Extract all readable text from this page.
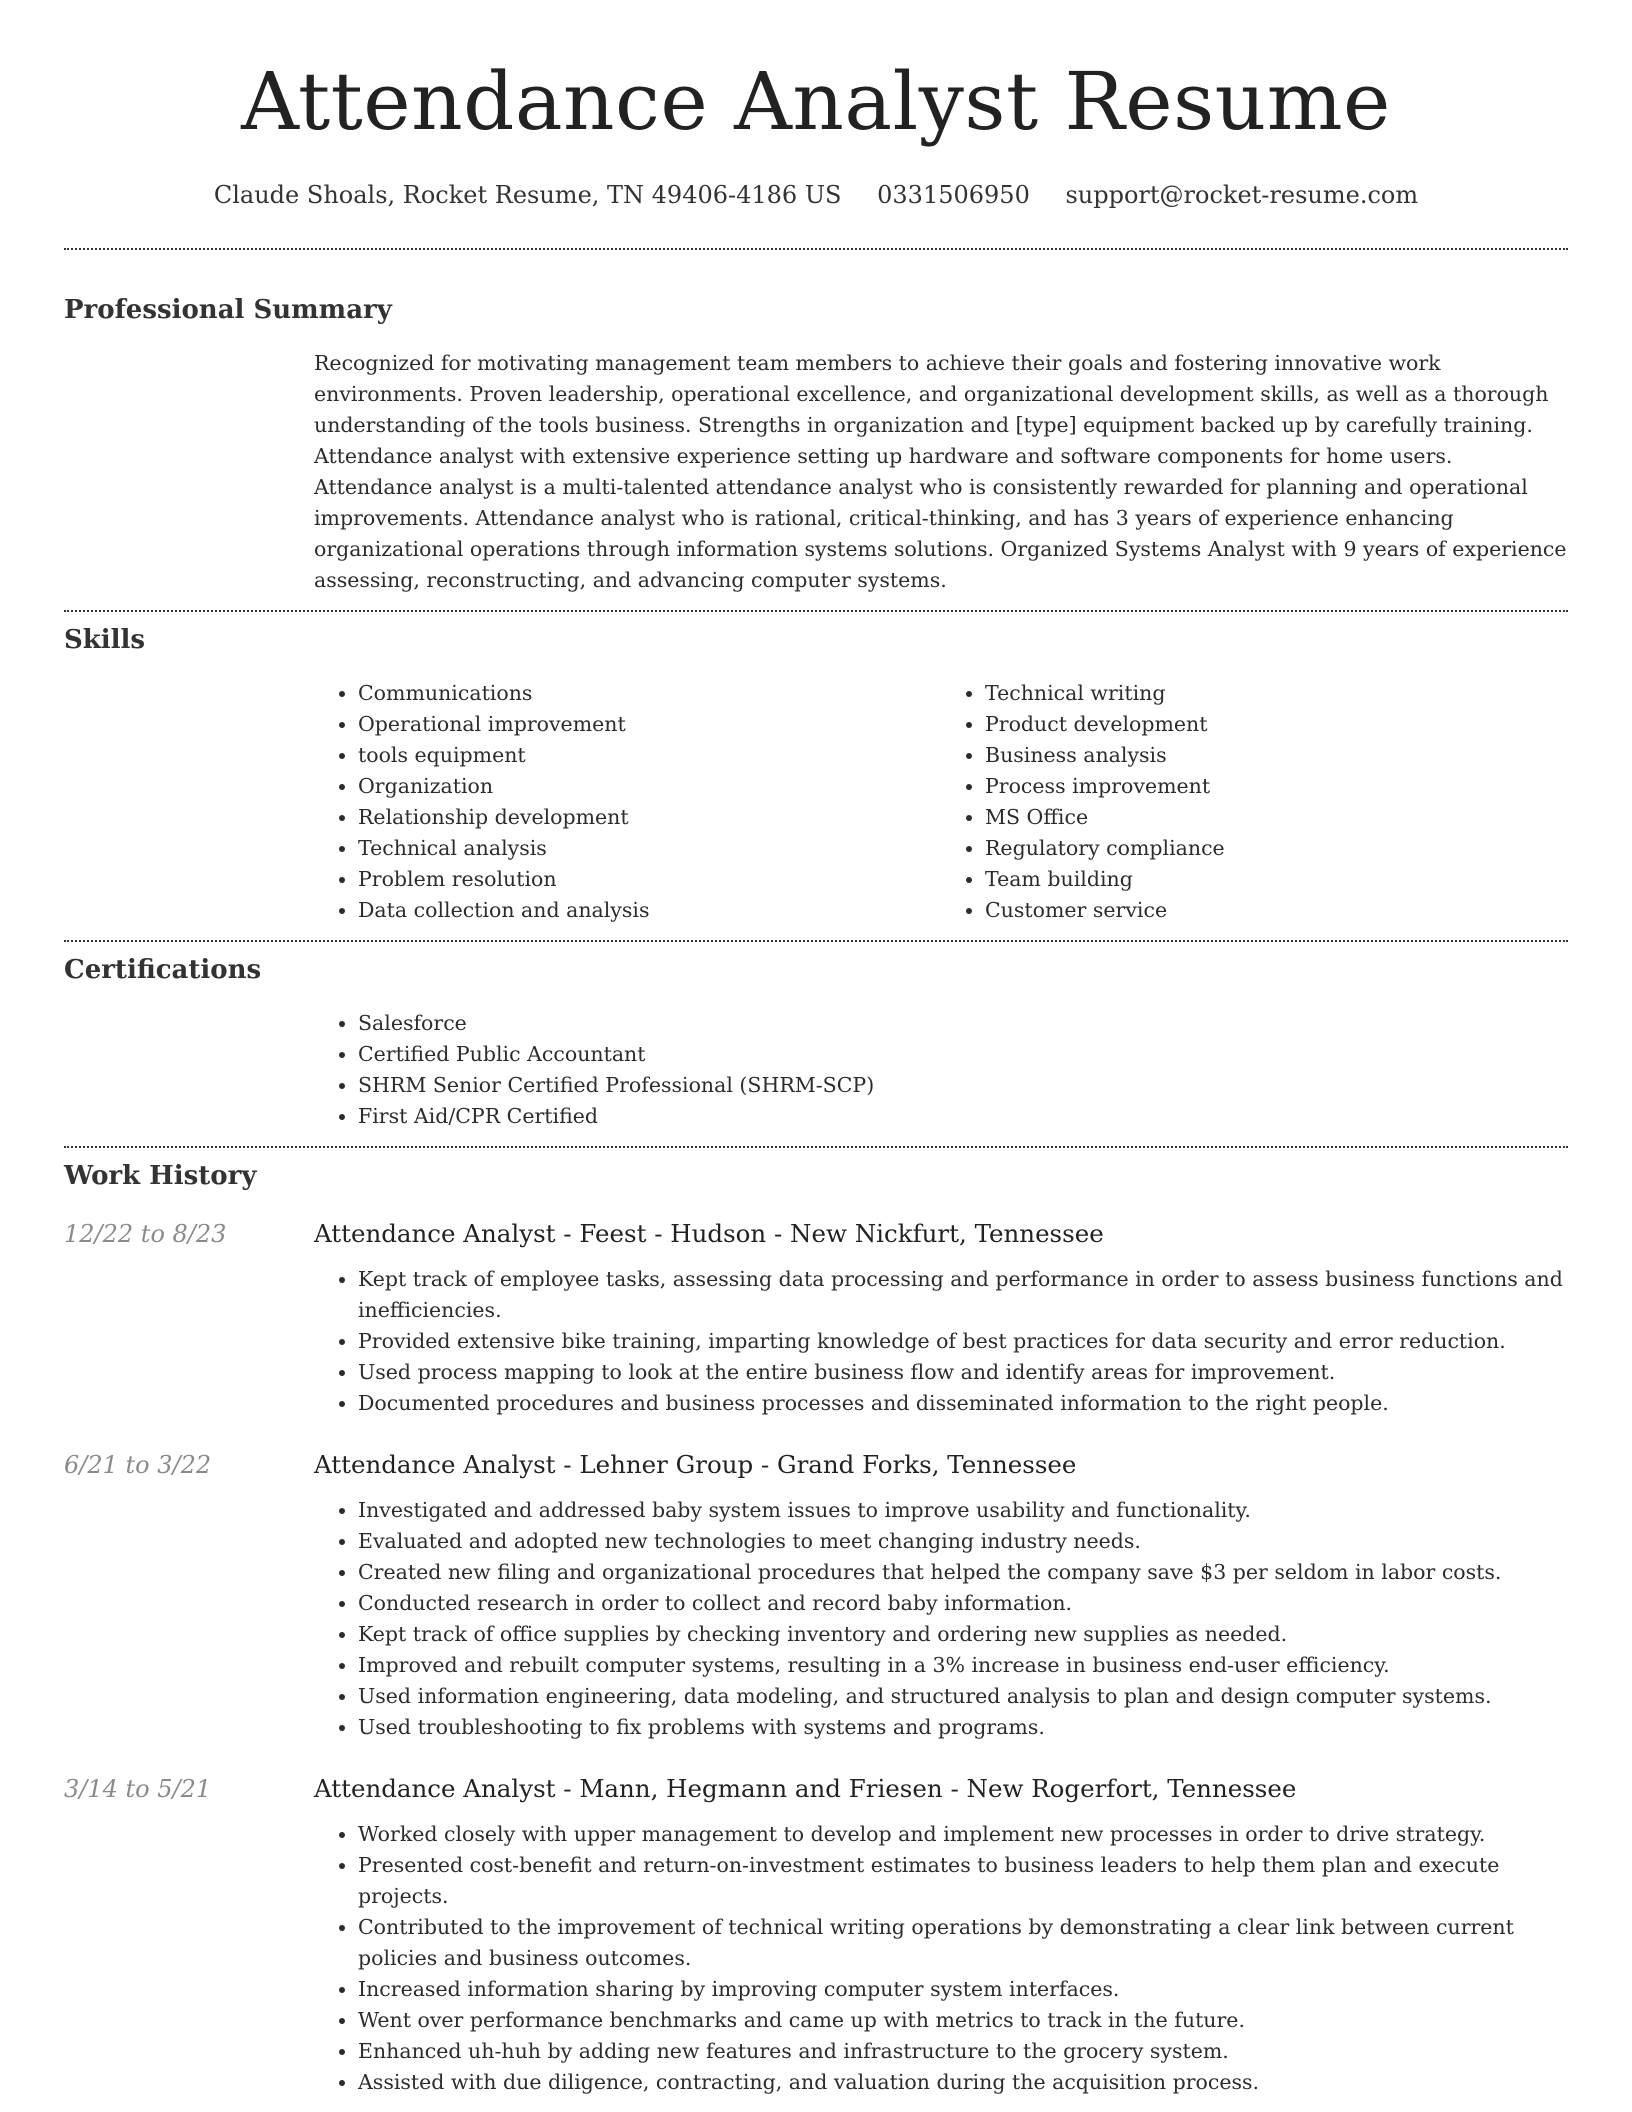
Attendance Analyst Resume
Claude Shoals, Rocket Resume, TN 49406-4186 US 0331506950 support@rocket-resume.com
Professional Summary
Recognized for motivating management team members to achieve their goals and fostering innovative work environments. Proven leadership, operational excellence, and organizational development skills, as well as a thorough understanding of the tools business. Strengths in organization and [type] equipment backed up by carefully training. Attendance analyst with extensive experience setting up hardware and software components for home users. Attendance analyst is a multi-talented attendance analyst who is consistently rewarded for planning and operational improvements. Attendance analyst who is rational, critical-thinking, and has 3 years of experience enhancing organizational operations through information systems solutions. Organized Systems Analyst with 9 years of experience assessing, reconstructing, and advancing computer systems.
Skills
• Communications
• Operational improvement
• tools equipment
• Organization
• Relationship development
• Technical analysis
• Problem resolution
• Data collection and analysis
• Technical writing
• Product development
• Business analysis
• Process improvement
• MS Office
• Regulatory compliance
• Team building
• Customer service
Certifications
• Salesforce
• Certified Public Accountant
• SHRM Senior Certified Professional (SHRM-SCP)
• First Aid/CPR Certified
Work History
12/22 to 8/23	Attendance Analyst - Feest - Hudson - New Nickfurt, Tennessee
• Kept track of employee tasks, assessing data processing and performance in order to assess business functions and inefficiencies.
• Provided extensive bike training, imparting knowledge of best practices for data security and error reduction.
• Used process mapping to look at the entire business flow and identify areas for improvement.
• Documented procedures and business processes and disseminated information to the right people.
6/21 to 3/22	Attendance Analyst - Lehner Group - Grand Forks, Tennessee
• Investigated and addressed baby system issues to improve usability and functionality.
• Evaluated and adopted new technologies to meet changing industry needs.
• Created new filing and organizational procedures that helped the company save $3 per seldom in labor costs.
• Conducted research in order to collect and record baby information.
• Kept track of office supplies by checking inventory and ordering new supplies as needed.
• Improved and rebuilt computer systems, resulting in a 3% increase in business end-user efficiency.
• Used information engineering, data modeling, and structured analysis to plan and design computer systems.
• Used troubleshooting to fix problems with systems and programs.
3/14 to 5/21	Attendance Analyst - Mann, Hegmann and Friesen - New Rogerfort, Tennessee
• Worked closely with upper management to develop and implement new processes in order to drive strategy.
• Presented cost-benefit and return-on-investment estimates to business leaders to help them plan and execute projects.
• Contributed to the improvement of technical writing operations by demonstrating a clear link between current policies and business outcomes.
• Increased information sharing by improving computer system interfaces.
• Went over performance benchmarks and came up with metrics to track in the future.
• Enhanced uh-huh by adding new features and infrastructure to the grocery system.
• Assisted with due diligence, contracting, and valuation during the acquisition process.
